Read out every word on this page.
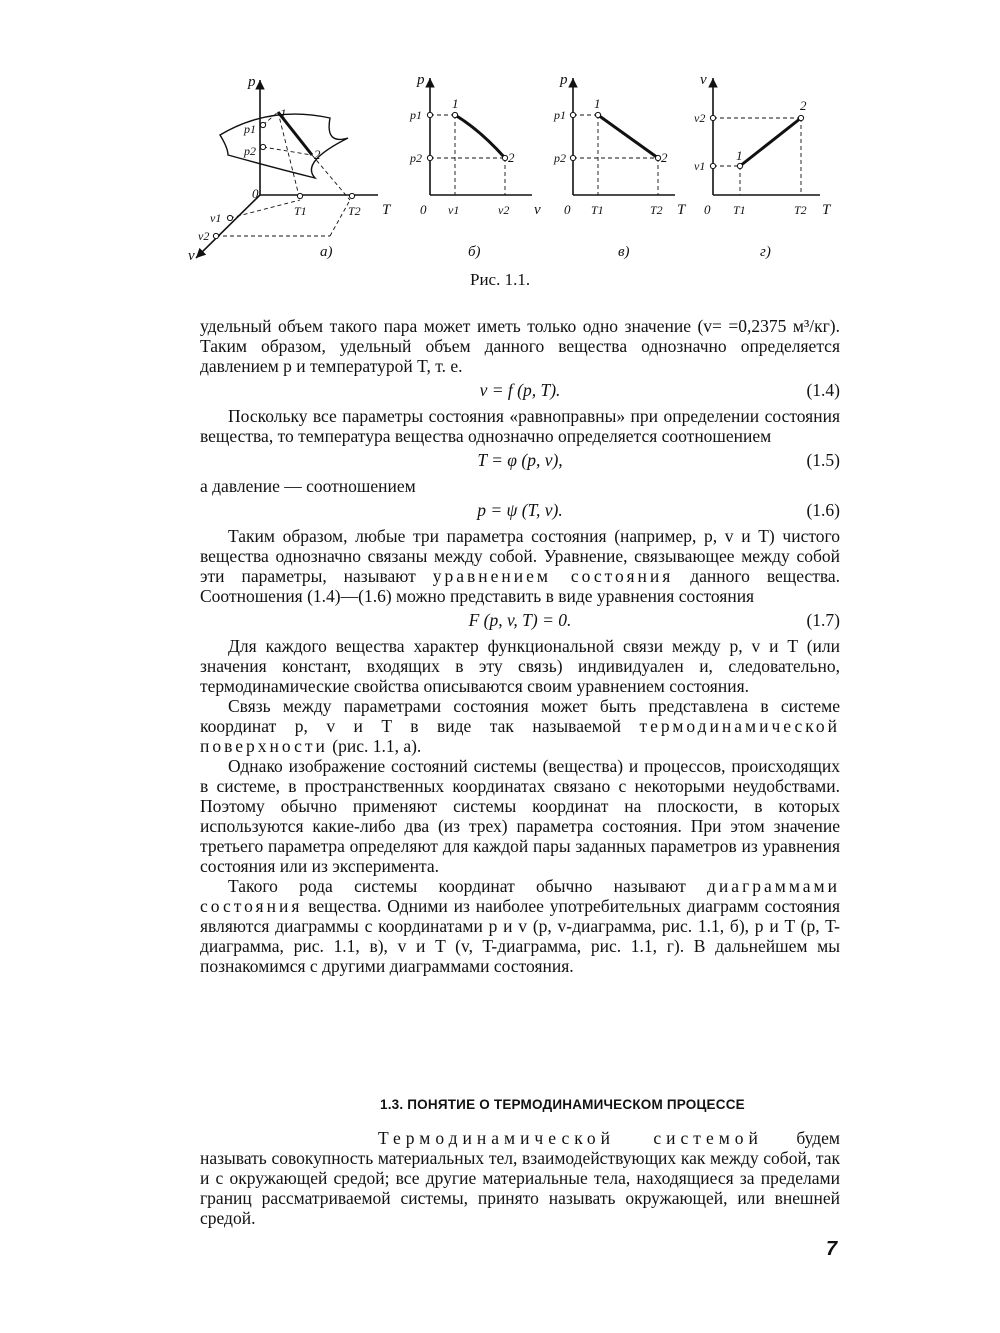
p
T
v
0
1
2
p1
p2
T1	T2
v1
v2
а)
p
v
0
p1
p2
v1	v2
1
2
б)
p
T
0
p1
p2
T1	T2
1
2
в)
v
T
0
v2
v1
T1	T2
1
2
г)
Рис. 1.1.

удельный объем такого пара может иметь только одно значение (v= =0,2375 м³/кг). Таким образом, удельный объем данного вещества однозначно определяется давлением p и температурой T, т. е.

v = f (p, T).	(1.4)

Поскольку все параметры состояния «равноправны» при определении состояния вещества, то температура вещества однозначно определяется соотношением

T = φ (p, v),	(1.5)

а давление — соотношением

p = ψ (T, v).	(1.6)

Таким образом, любые три параметра состояния (например, p, v и T) чистого вещества однозначно связаны между собой. Уравнение, связывающее между собой эти параметры, называют уравнением состояния данного вещества. Соотношения (1.4)—(1.6) можно представить в виде уравнения состояния

F (p, v, T) = 0.	(1.7)

Для каждого вещества характер функциональной связи между p, v и T (или значения констант, входящих в эту связь) индивидуален и, следовательно, термодинамические свойства описываются своим уравнением состояния.

Связь между параметрами состояния может быть представлена в системе координат p, v и T в виде так называемой термодинамической поверхности (рис. 1.1, а).

Однако изображение состояний системы (вещества) и процессов, происходящих в системе, в пространственных координатах связано с некоторыми неудобствами. Поэтому обычно применяют системы координат на плоскости, в которых используются какие-либо два (из трех) параметра состояния. При этом значение третьего параметра определяют для каждой пары заданных параметров из уравнения состояния или из эксперимента.

Такого рода системы координат обычно называют диаграммами состояния вещества. Одними из наиболее употребительных диаграмм состояния являются диаграммы с координатами p и v (p, v-диаграмма, рис. 1.1, б), p и T (p, T-диаграмма, рис. 1.1, в), v и T (v, T-диаграмма, рис. 1.1, г). В дальнейшем мы познакомимся с другими диаграммами состояния.

1.3. ПОНЯТИЕ О ТЕРМОДИНАМИЧЕСКОМ ПРОЦЕССЕ

Термодинамической системой будем называть совокупность материальных тел, взаимодействующих как между собой, так и с окружающей средой; все другие материальные тела, находящиеся за пределами границ рассматриваемой системы, принято называть окружающей, или внешней средой.

7
